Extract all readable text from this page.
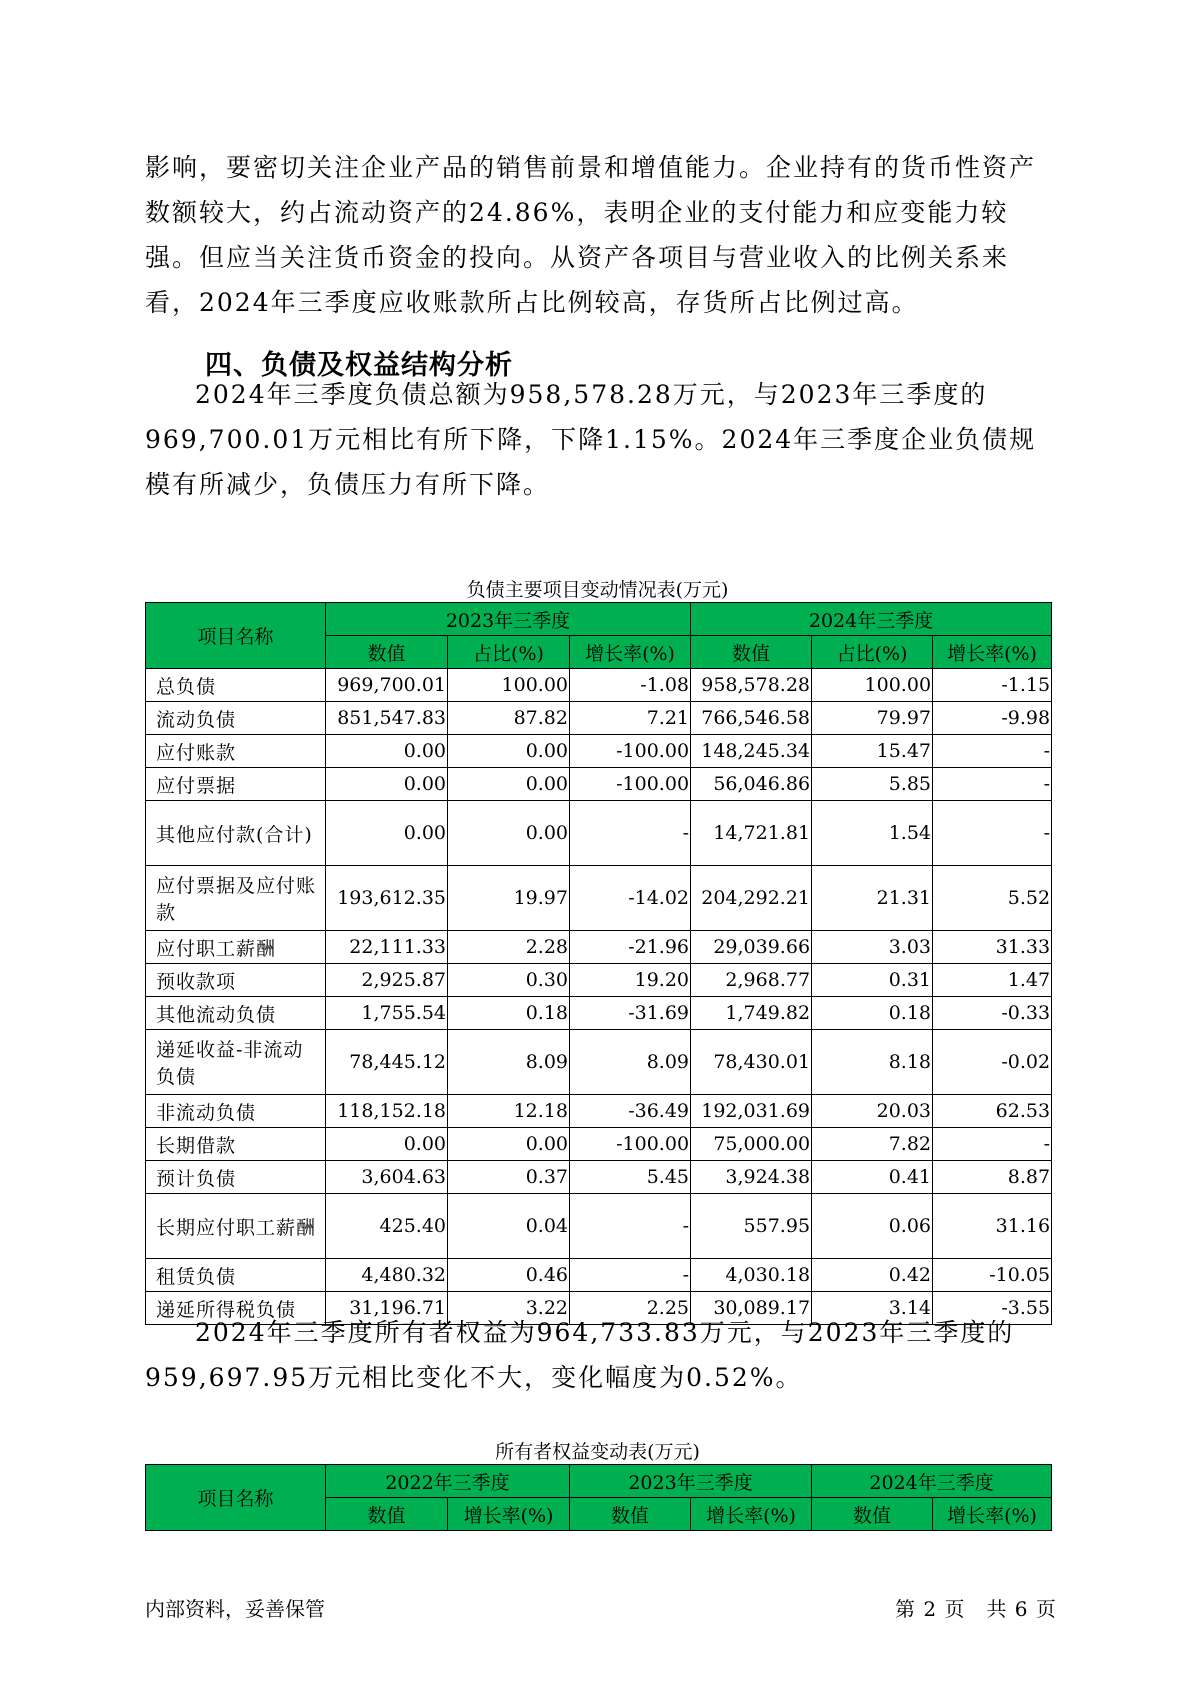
影响，要密切关注企业产品的销售前景和增值能力。企业持有的货币性资产数额较大，约占流动资产的24.86%，表明企业的支付能力和应变能力较强。但应当关注货币资金的投向。从资产各项目与营业收入的比例关系来看，2024年三季度应收账款所占比例较高，存货所占比例过高。

四、负债及权益结构分析

2024年三季度负债总额为958,578.28万元，与2023年三季度的969,700.01万元相比有所下降，下降1.15%。2024年三季度企业负债规模有所减少，负债压力有所下降。

负债主要项目变动情况表(万元)
项目名称	2023年三季度			2024年三季度		
	数值	占比(%)	增长率(%)	数值	占比(%)	增长率(%)
总负债	969,700.01	100.00	-1.08	958,578.28	100.00	-1.15
流动负债	851,547.83	87.82	7.21	766,546.58	79.97	-9.98
应付账款	0.00	0.00	-100.00	148,245.34	15.47	-
应付票据	0.00	0.00	-100.00	56,046.86	5.85	-
其他应付款(合计)	0.00	0.00	-	14,721.81	1.54	-
应付票据及应付账款	193,612.35	19.97	-14.02	204,292.21	21.31	5.52
应付职工薪酬	22,111.33	2.28	-21.96	29,039.66	3.03	31.33
预收款项	2,925.87	0.30	19.20	2,968.77	0.31	1.47
其他流动负债	1,755.54	0.18	-31.69	1,749.82	0.18	-0.33
递延收益-非流动负债	78,445.12	8.09	8.09	78,430.01	8.18	-0.02
非流动负债	118,152.18	12.18	-36.49	192,031.69	20.03	62.53
长期借款	0.00	0.00	-100.00	75,000.00	7.82	-
预计负债	3,604.63	0.37	5.45	3,924.38	0.41	8.87
长期应付职工薪酬	425.40	0.04	-	557.95	0.06	31.16
租赁负债	4,480.32	0.46	-	4,030.18	0.42	-10.05
递延所得税负债	31,196.71	3.22	2.25	30,089.17	3.14	-3.55

2024年三季度所有者权益为964,733.83万元，与2023年三季度的959,697.95万元相比变化不大，变化幅度为0.52%。

所有者权益变动表(万元)
项目名称	2022年三季度		2023年三季度		2024年三季度	
	数值	增长率(%)	数值	增长率(%)	数值	增长率(%)
内部资料，妥善保管	第 2 页　共 6 页
